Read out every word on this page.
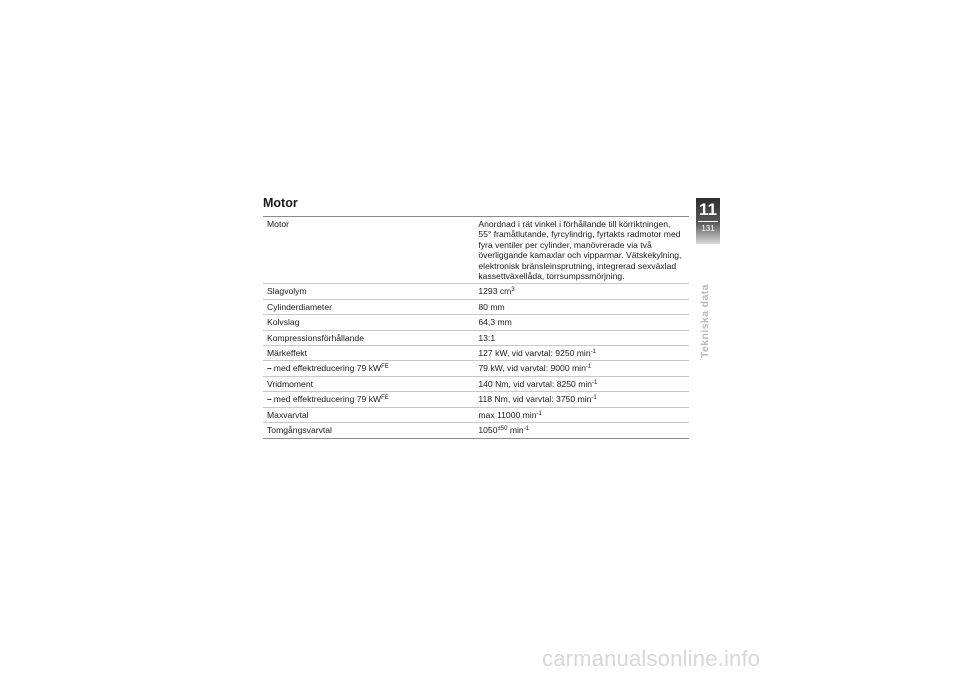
Motor
Motor	Anordnad i rät vinkel i förhållande till körriktningen, 55° framåtlutande, fyrcylindrig, fyrtakts radmotor med fyra ventiler per cylinder, manövrerade via två överliggande kamaxlar och vipparmar. Vätskekylning, elektronisk bränsleinsprutning, integrerad sexväxlad kassettväxellåda, torrsumpssmörjning.
Slagvolym	1293 $cm^3$
Cylinderdiameter	80 mm
Kolvslag	64,3 mm
Kompressionsförhållande	13:1
Märkeffekt	127 kW, vid varvtal: 9250 $\min^{-1}$
– med effektreducering 79 $kW^{FE}$	79 kW, vid varvtal: 9000 $\min^{-1}$
Vridmoment	140 Nm, vid varvtal: 8250 $\min^{-1}$
– med effektreducering 79 $kW^{FE}$	118 Nm, vid varvtal: 3750 $\min^{-1}$
Maxvarvtal	max 11000 $\min^{-1}$
Tomgångsvarvtal	$1050^{\pm 50}$ $\min^{-1}$
11
131
Tekniska data
carmanualsonline.info
